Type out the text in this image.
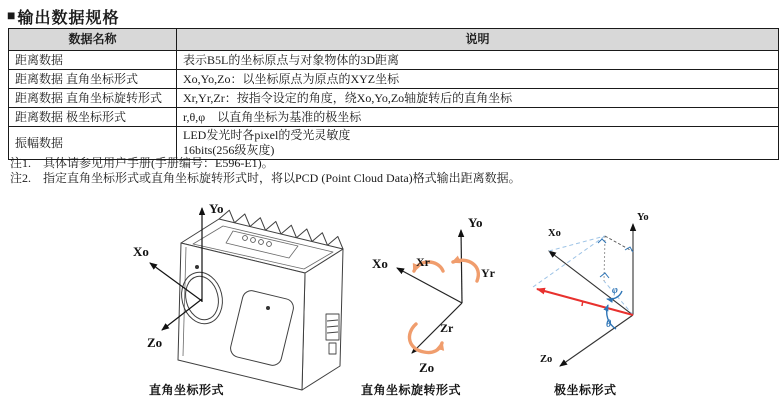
■ 输出数据规格
数据名称	说明
距离数据	表示B5L的坐标原点与对象物体的3D距离
距离数据 直角坐标形式	Xo,Yo,Zo：以坐标原点为原点的XYZ坐标
距离数据 直角坐标旋转形式	Xr,Yr,Zr：按指令设定的角度，绕Xo,Yo,Zo轴旋转后的直角坐标
距离数据 极坐标形式	r,θ,φ　以直角坐标为基准的极坐标
振幅数据	LED发光时各pixel的受光灵敏度
16bits(256级灰度)
注1.　具体请参见用户手册(手册编号：E596-E1)。
注2.　指定直角坐标形式或直角坐标旋转形式时，将以PCD (Point Cloud Data)格式输出距离数据。
Yo
Xo
Zo
直角坐标形式
Xr
Yr
Zr
Yo
Xo
Zo
直角坐标旋转形式
r
θ
φ
Yo
Xo
Zo
极坐标形式
